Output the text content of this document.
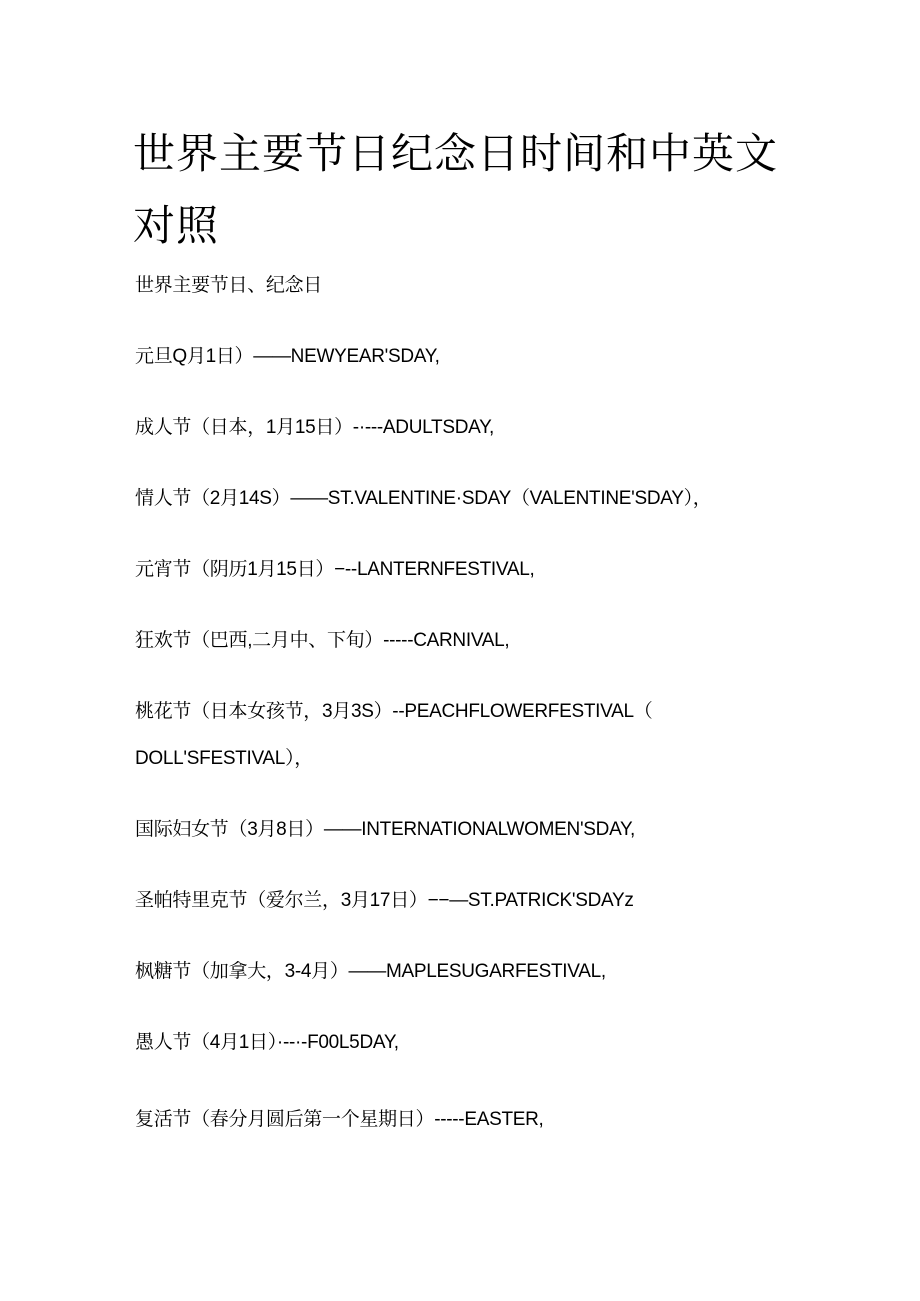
世界主要节日纪念日时间和中英文对照

世界主要节日、纪念日

元旦Q月1日）——NEWYEAR'SDAY,

成人节（日本，1月15日）-·---ADULTSDAY,

情人节（2月14S）——ST.VALENTINE·SDAY（VALENTINE'SDAY），

元宵节（阴历1月15日）−--LANTERNFESTIVAL,

狂欢节（巴西,二月中、下旬）-----CARNIVAL,

桃花节（日本女孩节，3月3S）--PEACHFLOWERFESTIVAL（

DOLL'SFESTIVAL），

国际妇女节（3月8日）——INTERNATIONALWOMEN'SDAY,

圣帕特里克节（爱尔兰，3月17日）−−—ST.PATRICK'SDAYz

枫糖节（加拿大，3-4月）——MAPLESUGARFESTIVAL,

愚人节（4月1日）·--·-F00L5DAY,

复活节（春分月圆后第一个星期日）-----EASTER,
